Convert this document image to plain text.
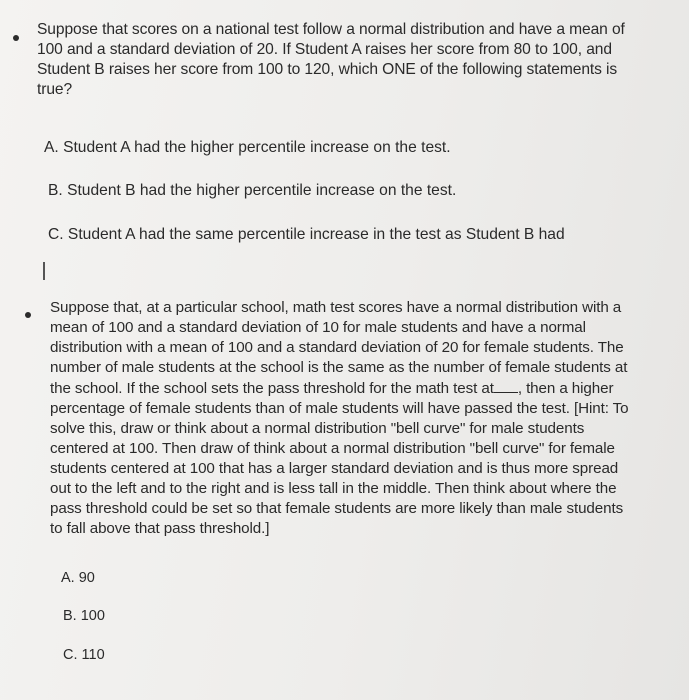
Suppose that scores on a national test follow a normal distribution and have a mean of
100 and a standard deviation of 20. If Student A raises her score from 80 to 100, and
Student B raises her score from 100 to 120, which ONE of the following statements is
true?
A. Student A had the higher percentile increase on the test.
B. Student B had the higher percentile increase on the test.
C. Student A had the same percentile increase in the test as Student B had
Suppose that, at a particular school, math test scores have a normal distribution with a
mean of 100 and a standard deviation of 10 for male students and have a normal
distribution with a mean of 100 and a standard deviation of 20 for female students. The
number of male students at the school is the same as the number of female students at
the school. If the school sets the pass threshold for the math test at , then a higher
percentage of female students than of male students will have passed the test. [Hint: To
solve this, draw or think about a normal distribution "bell curve" for male students
centered at 100. Then draw of think about a normal distribution "bell curve" for female
students centered at 100 that has a larger standard deviation and is thus more spread
out to the left and to the right and is less tall in the middle. Then think about where the
pass threshold could be set so that female students are more likely than male students
to fall above that pass threshold.]
A. 90
B. 100
C. 110
